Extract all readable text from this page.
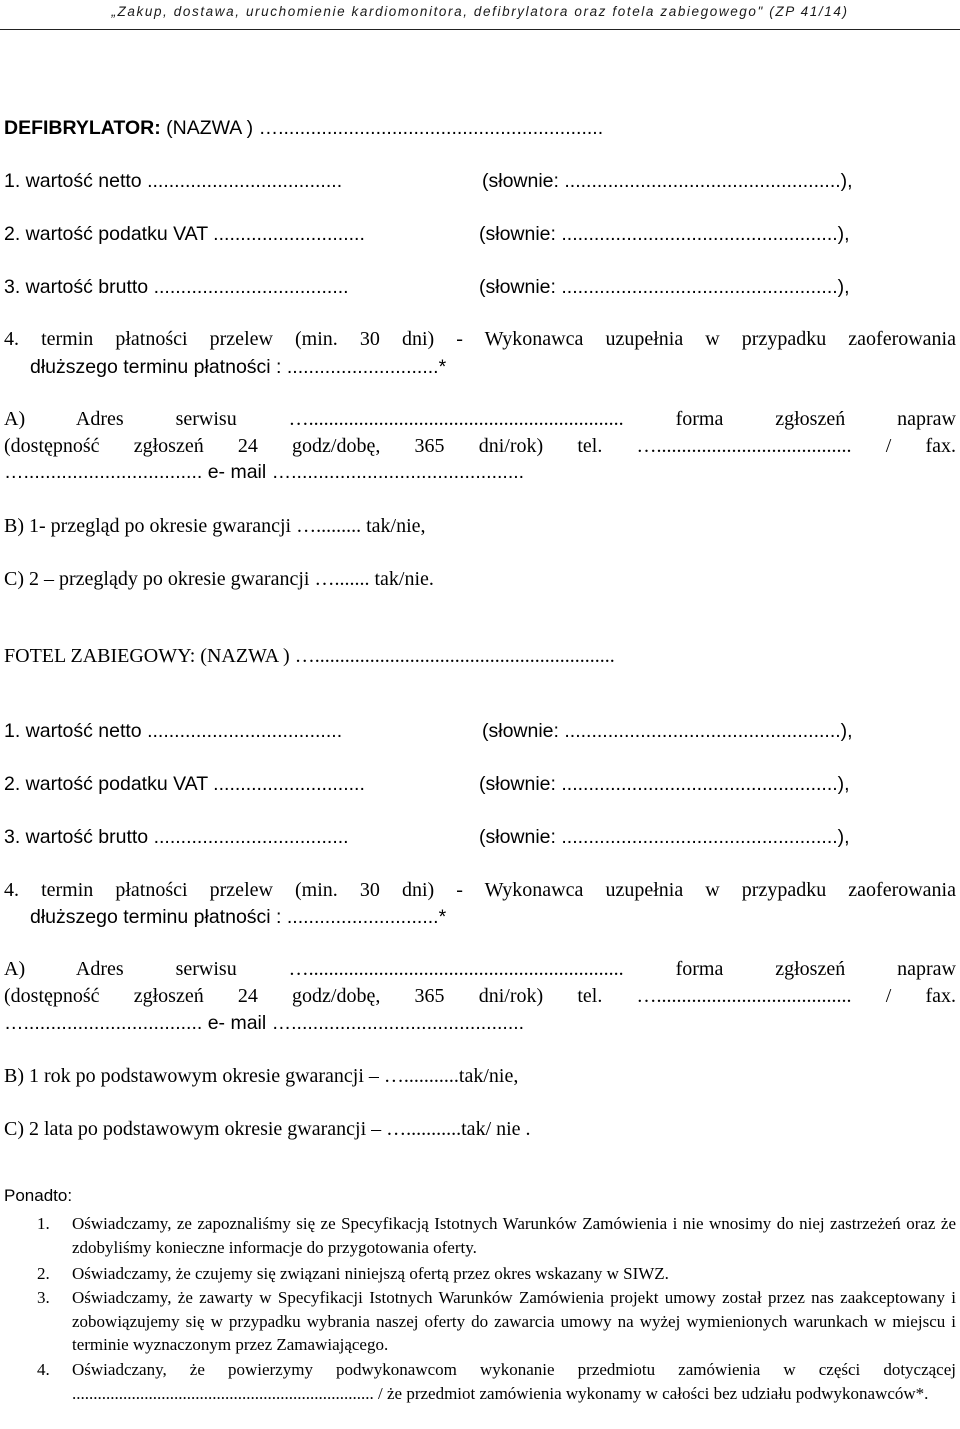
„Zakup, dostawa, uruchomienie kardiomonitora, defibrylatora oraz fotela zabiegowego" (ZP 41/14)
DEFIBRYLATOR: (NAZWA ) …............................................................
1. wartość netto ....................................	(słownie: ...................................................),
2. wartość podatku VAT ............................	(słownie: ...................................................),
3. wartość brutto ....................................	(słownie: ...................................................),
4. termin płatności przelew (min. 30 dni) - Wykonawca uzupełnia w przypadku zaoferowania
dłuższego terminu płatności : ............................*
A) Adres serwisu …............................................................... forma zgłoszeń napraw
(dostępność zgłoszeń 24 godz/dobę, 365 dni/rok) tel. …....................................... / fax.
…................................. e- mail …...........................................
B) 1- przegląd po okresie gwarancji …......... tak/nie,
C) 2 – przeglądy po okresie gwarancji …....... tak/nie.
FOTEL ZABIEGOWY: (NAZWA ) …............................................................
1. wartość netto ....................................	(słownie: ...................................................),
2. wartość podatku VAT ............................	(słownie: ...................................................),
3. wartość brutto ....................................	(słownie: ...................................................),
4. termin płatności przelew (min. 30 dni) - Wykonawca uzupełnia w przypadku zaoferowania
dłuższego terminu płatności : ............................*
A) Adres serwisu …............................................................... forma zgłoszeń napraw
(dostępność zgłoszeń 24 godz/dobę, 365 dni/rok) tel. …....................................... / fax.
…................................. e- mail …...........................................
B) 1 rok po podstawowym okresie gwarancji – …...........tak/nie,
C) 2 lata po podstawowym okresie gwarancji – …...........tak/ nie .
Ponadto:
1. Oświadczamy, ze zapoznaliśmy się ze Specyfikacją Istotnych Warunków Zamówienia i nie wnosimy do niej zastrzeżeń oraz że zdobyliśmy konieczne informacje do przygotowania oferty.
2. Oświadczamy, że czujemy się związani niniejszą ofertą przez okres wskazany w SIWZ.
3. Oświadczamy, że zawarty w Specyfikacji Istotnych Warunków Zamówienia projekt umowy został przez nas zaakceptowany i zobowiązujemy się w przypadku wybrania naszej oferty do zawarcia umowy na wyżej wymienionych warunkach w miejscu i terminie wyznaczonym przez Zamawiającego.
4. Oświadczany, że powierzymy podwykonawcom wykonanie przedmiotu zamówienia w części dotyczącej ....................................................................... / że przedmiot zamówienia wykonamy w całości bez udziału podwykonawców*.
